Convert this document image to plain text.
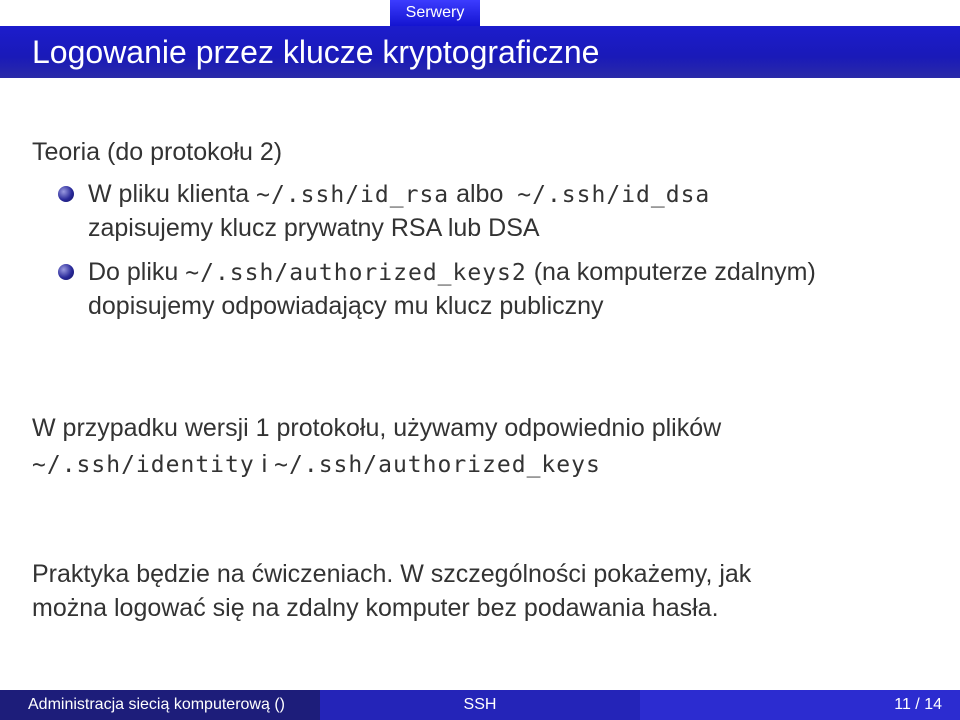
Serwery
Logowanie przez klucze kryptograficzne
Teoria (do protokołu 2)
W pliku klienta ~/.ssh/id_rsa albo  ~/.ssh/id_dsa
zapisujemy klucz prywatny RSA lub DSA
Do pliku ~/.ssh/authorized_keys2 (na komputerze zdalnym)
dopisujemy odpowiadający mu klucz publiczny
W przypadku wersji 1 protokołu, używamy odpowiednio plików
~/.ssh/identity i ~/.ssh/authorized_keys
Praktyka będzie na ćwiczeniach. W szczególności pokażemy, jak
można logować się na zdalny komputer bez podawania hasła.
Administracja siecią komputerową ()	SSH	11 / 14
